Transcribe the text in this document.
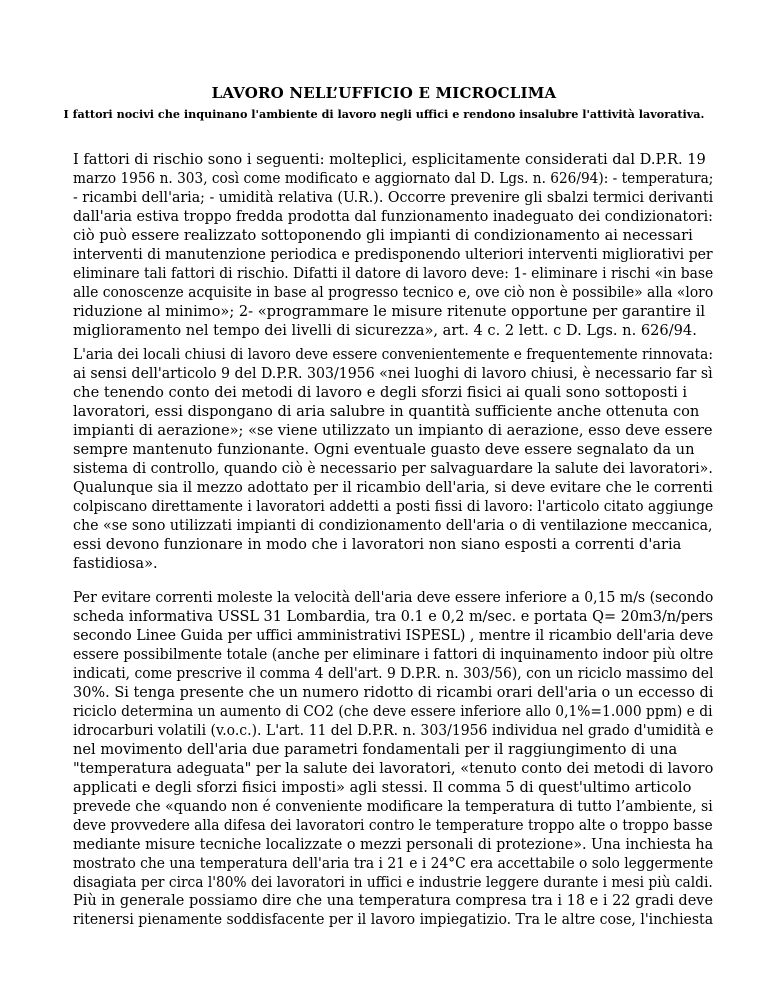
LAVORO NELL’UFFICIO E MICROCLIMA
I fattori nocivi che inquinano l'ambiente di lavoro negli uffici e rendono insalubre l'attività lavorativa.

I fattori di rischio sono i seguenti: molteplici, esplicitamente considerati dal D.P.R. 19
marzo 1956 n. 303, così come modificato e aggiornato dal D. Lgs. n. 626/94): - temperatura;
- ricambi dell'aria; - umidità relativa (U.R.). Occorre prevenire gli sbalzi termici derivanti
dall'aria estiva troppo fredda prodotta dal funzionamento inadeguato dei condizionatori:
ciò può essere realizzato sottoponendo gli impianti di condizionamento ai necessari
interventi di manutenzione periodica e predisponendo ulteriori interventi migliorativi per
eliminare tali fattori di rischio. Difatti il datore di lavoro deve: 1- eliminare i rischi «in base
alle conoscenze acquisite in base al progresso tecnico e, ove ciò non è possibile» alla «loro
riduzione al minimo»; 2- «programmare le misure ritenute opportune per garantire il
miglioramento nel tempo dei livelli di sicurezza», art. 4 c. 2 lett. c D. Lgs. n. 626/94.

L'aria dei locali chiusi di lavoro deve essere convenientemente e frequentemente rinnovata:
ai sensi dell'articolo 9 del D.P.R. 303/1956 «nei luoghi di lavoro chiusi, è necessario far sì
che tenendo conto dei metodi di lavoro e degli sforzi fisici ai quali sono sottoposti i
lavoratori, essi dispongano di aria salubre in quantità sufficiente anche ottenuta con
impianti di aerazione»; «se viene utilizzato un impianto di aerazione, esso deve essere
sempre mantenuto funzionante. Ogni eventuale guasto deve essere segnalato da un
sistema di controllo, quando ciò è necessario per salvaguardare la salute dei lavoratori».
Qualunque sia il mezzo adottato per il ricambio dell'aria, si deve evitare che le correnti
colpiscano direttamente i lavoratori addetti a posti fissi di lavoro: l'articolo citato aggiunge
che «se sono utilizzati impianti di condizionamento dell'aria o di ventilazione meccanica,
essi devono funzionare in modo che i lavoratori non siano esposti a correnti d'aria
fastidiosa».

Per evitare correnti moleste la velocità dell'aria deve essere inferiore a 0,15 m/s (secondo
scheda informativa USSL 31 Lombardia, tra 0.1 e 0,2 m/sec. e portata Q= 20m3/n/pers
secondo Linee Guida per uffici amministrativi ISPESL) , mentre il ricambio dell'aria deve
essere possibilmente totale (anche per eliminare i fattori di inquinamento indoor più oltre
indicati, come prescrive il comma 4 dell'art. 9 D.P.R. n. 303/56), con un riciclo massimo del
30%. Si tenga presente che un numero ridotto di ricambi orari dell'aria o un eccesso di
riciclo determina un aumento di CO2 (che deve essere inferiore allo 0,1%=1.000 ppm) e di
idrocarburi volatili (v.o.c.). L'art. 11 del D.P.R. n. 303/1956 individua nel grado d'umidità e
nel movimento dell'aria due parametri fondamentali per il raggiungimento di una
"temperatura adeguata" per la salute dei lavoratori, «tenuto conto dei metodi di lavoro
applicati e degli sforzi fisici imposti» agli stessi. Il comma 5 di quest'ultimo articolo
prevede che «quando non é conveniente modificare la temperatura di tutto l’ambiente, si
deve provvedere alla difesa dei lavoratori contro le temperature troppo alte o troppo basse
mediante misure tecniche localizzate o mezzi personali di protezione». Una inchiesta ha
mostrato che una temperatura dell'aria tra i 21 e i 24°C era accettabile o solo leggermente
disagiata per circa l'80% dei lavoratori in uffici e industrie leggere durante i mesi più caldi.

Più in generale possiamo dire che una temperatura compresa tra i 18 e i 22 gradi deve
ritenersi pienamente soddisfacente per il lavoro impiegatizio. Tra le altre cose, l'inchiesta
